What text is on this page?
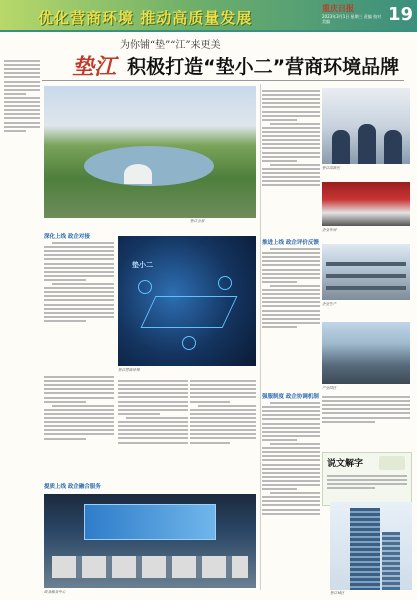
优化营商环境 推动高质量发展
重庆日报
2023年3月1日 星期三 责编 校对 美编	19
为你铺“垫”“江”来更美
垫江 积极打造“垫小二”营商环境品牌
垫江全景
深化上线 政企对接
垫小二
垫江营商环境
提质上线 政企融合服务
政务服务中心
推进上线 政企评价反馈
垫江高新区
企业车间
企业生产
产业园区
强服制度 政企协调机制
说文解字
垫江城区
